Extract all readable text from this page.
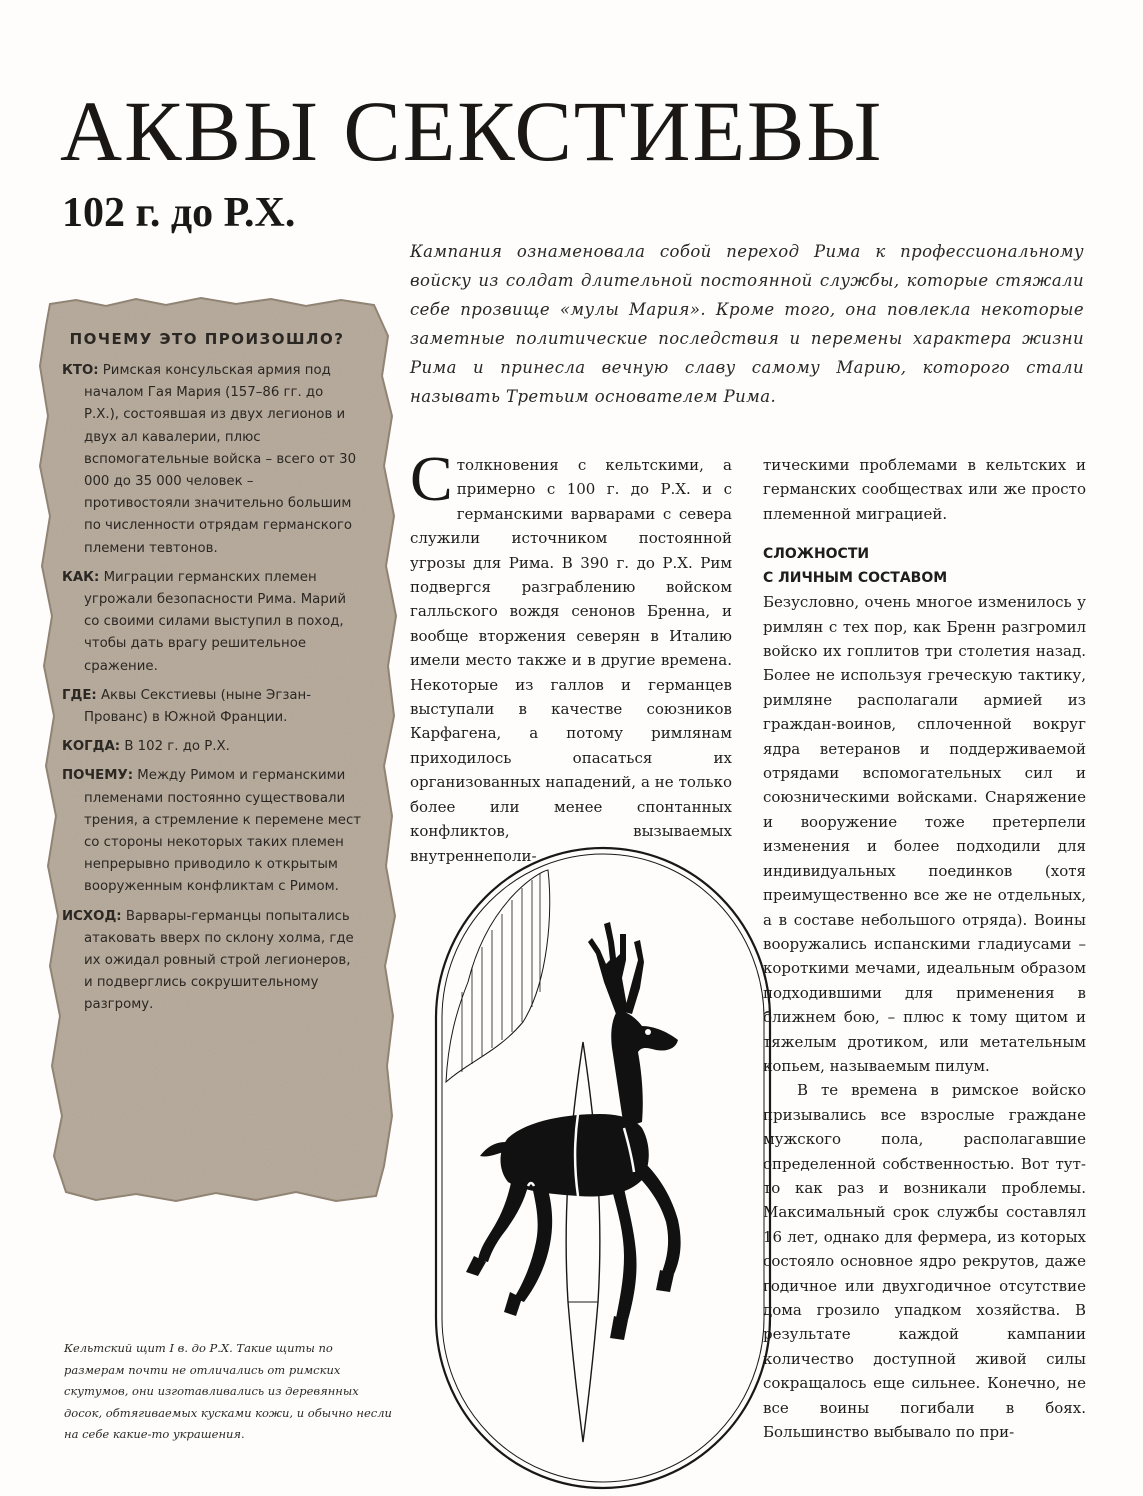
АКВЫ СЕКСТИЕВЫ
102 г. до Р.Х.
Кампания ознаменовала собой переход Рима к профессиональному войску из солдат длительной постоянной службы, которые стяжали себе прозвище «мулы Мария». Кроме того, она повлекла некоторые заметные политические последствия и перемены характера жизни Рима и принесла вечную славу самому Марию, которого стали называть Третьим основателем Рима.
ПОЧЕМУ ЭТО ПРОИЗОШЛО?
КТО: Римская консульская армия под началом Гая Мария (157–86 гг. до Р.Х.), состоявшая из двух легионов и двух ал кавалерии, плюс вспомогательные войска – всего от 30 000 до 35 000 человек – противостояли значительно большим по численности отрядам германского племени тевтонов.
КАК: Миграции германских племен угрожали безопасности Рима. Марий со своими силами выступил в поход, чтобы дать врагу решительное сражение.
ГДЕ: Аквы Секстиевы (ныне Эгзан-Прованс) в Южной Франции.
КОГДА: В 102 г. до Р.Х.
ПОЧЕМУ: Между Римом и германскими племенами постоянно существовали трения, а стремление к перемене мест со стороны некоторых таких племен непрерывно приводило к открытым вооруженным конфликтам с Римом.
ИСХОД: Варвары-германцы попытались атаковать вверх по склону холма, где их ожидал ровный строй легионеров, и подверглись сокрушительному разгрому.

Столкновения с кельтскими, а примерно с 100 г. до Р.Х. и с германскими варварами с севера служили источником постоянной угрозы для Рима. В 390 г. до Р.Х. Рим подвергся разграблению войском галльского вождя сенонов Бренна, и вообще вторжения северян в Италию имели место также и в другие времена. Некоторые из галлов и германцев выступали в качестве союзников Карфагена, а потому римлянам приходилось опасаться их организованных нападений, а не только более или менее спонтанных конфликтов, вызываемых внутреннеполи-

тическими проблемами в кельтских и германских сообществах или же просто племенной миграцией.

СЛОЖНОСТИ
С ЛИЧНЫМ СОСТАВОМ

Безусловно, очень многое изменилось у римлян с тех пор, как Бренн разгромил войско их гоплитов три столетия назад. Более не используя греческую тактику, римляне располагали армией из граждан-воинов, сплоченной вокруг ядра ветеранов и поддерживаемой отрядами вспомогательных сил и союзническими войсками. Снаряжение и вооружение тоже претерпели изменения и более подходили для индивидуальных поединков (хотя преимущественно все же не отдельных, а в составе небольшого отряда). Воины вооружались испанскими гладиусами – короткими мечами, идеальным образом подходившими для применения в ближнем бою, – плюс к тому щитом и тяжелым дротиком, или метательным копьем, называемым пилум.

В те времена в римское войско призывались все взрослые граждане мужского пола, располагавшие определенной собственностью. Вот тут-то как раз и возникали проблемы. Максимальный срок службы составлял 16 лет, однако для фермера, из которых состояло основное ядро рекрутов, даже годичное или двухгодичное отсутствие дома грозило упадком хозяйства. В результате каждой кампании количество доступной живой силы сокращалось еще сильнее. Конечно, не все воины погибали в боях. Большинство выбывало по при-

Кельтский щит I в. до Р.Х. Такие щиты по размерам почти не отличались от римских скутумов, они изготавливались из деревянных досок, обтягиваемых кусками кожи, и обычно несли на себе какие-то украшения.
